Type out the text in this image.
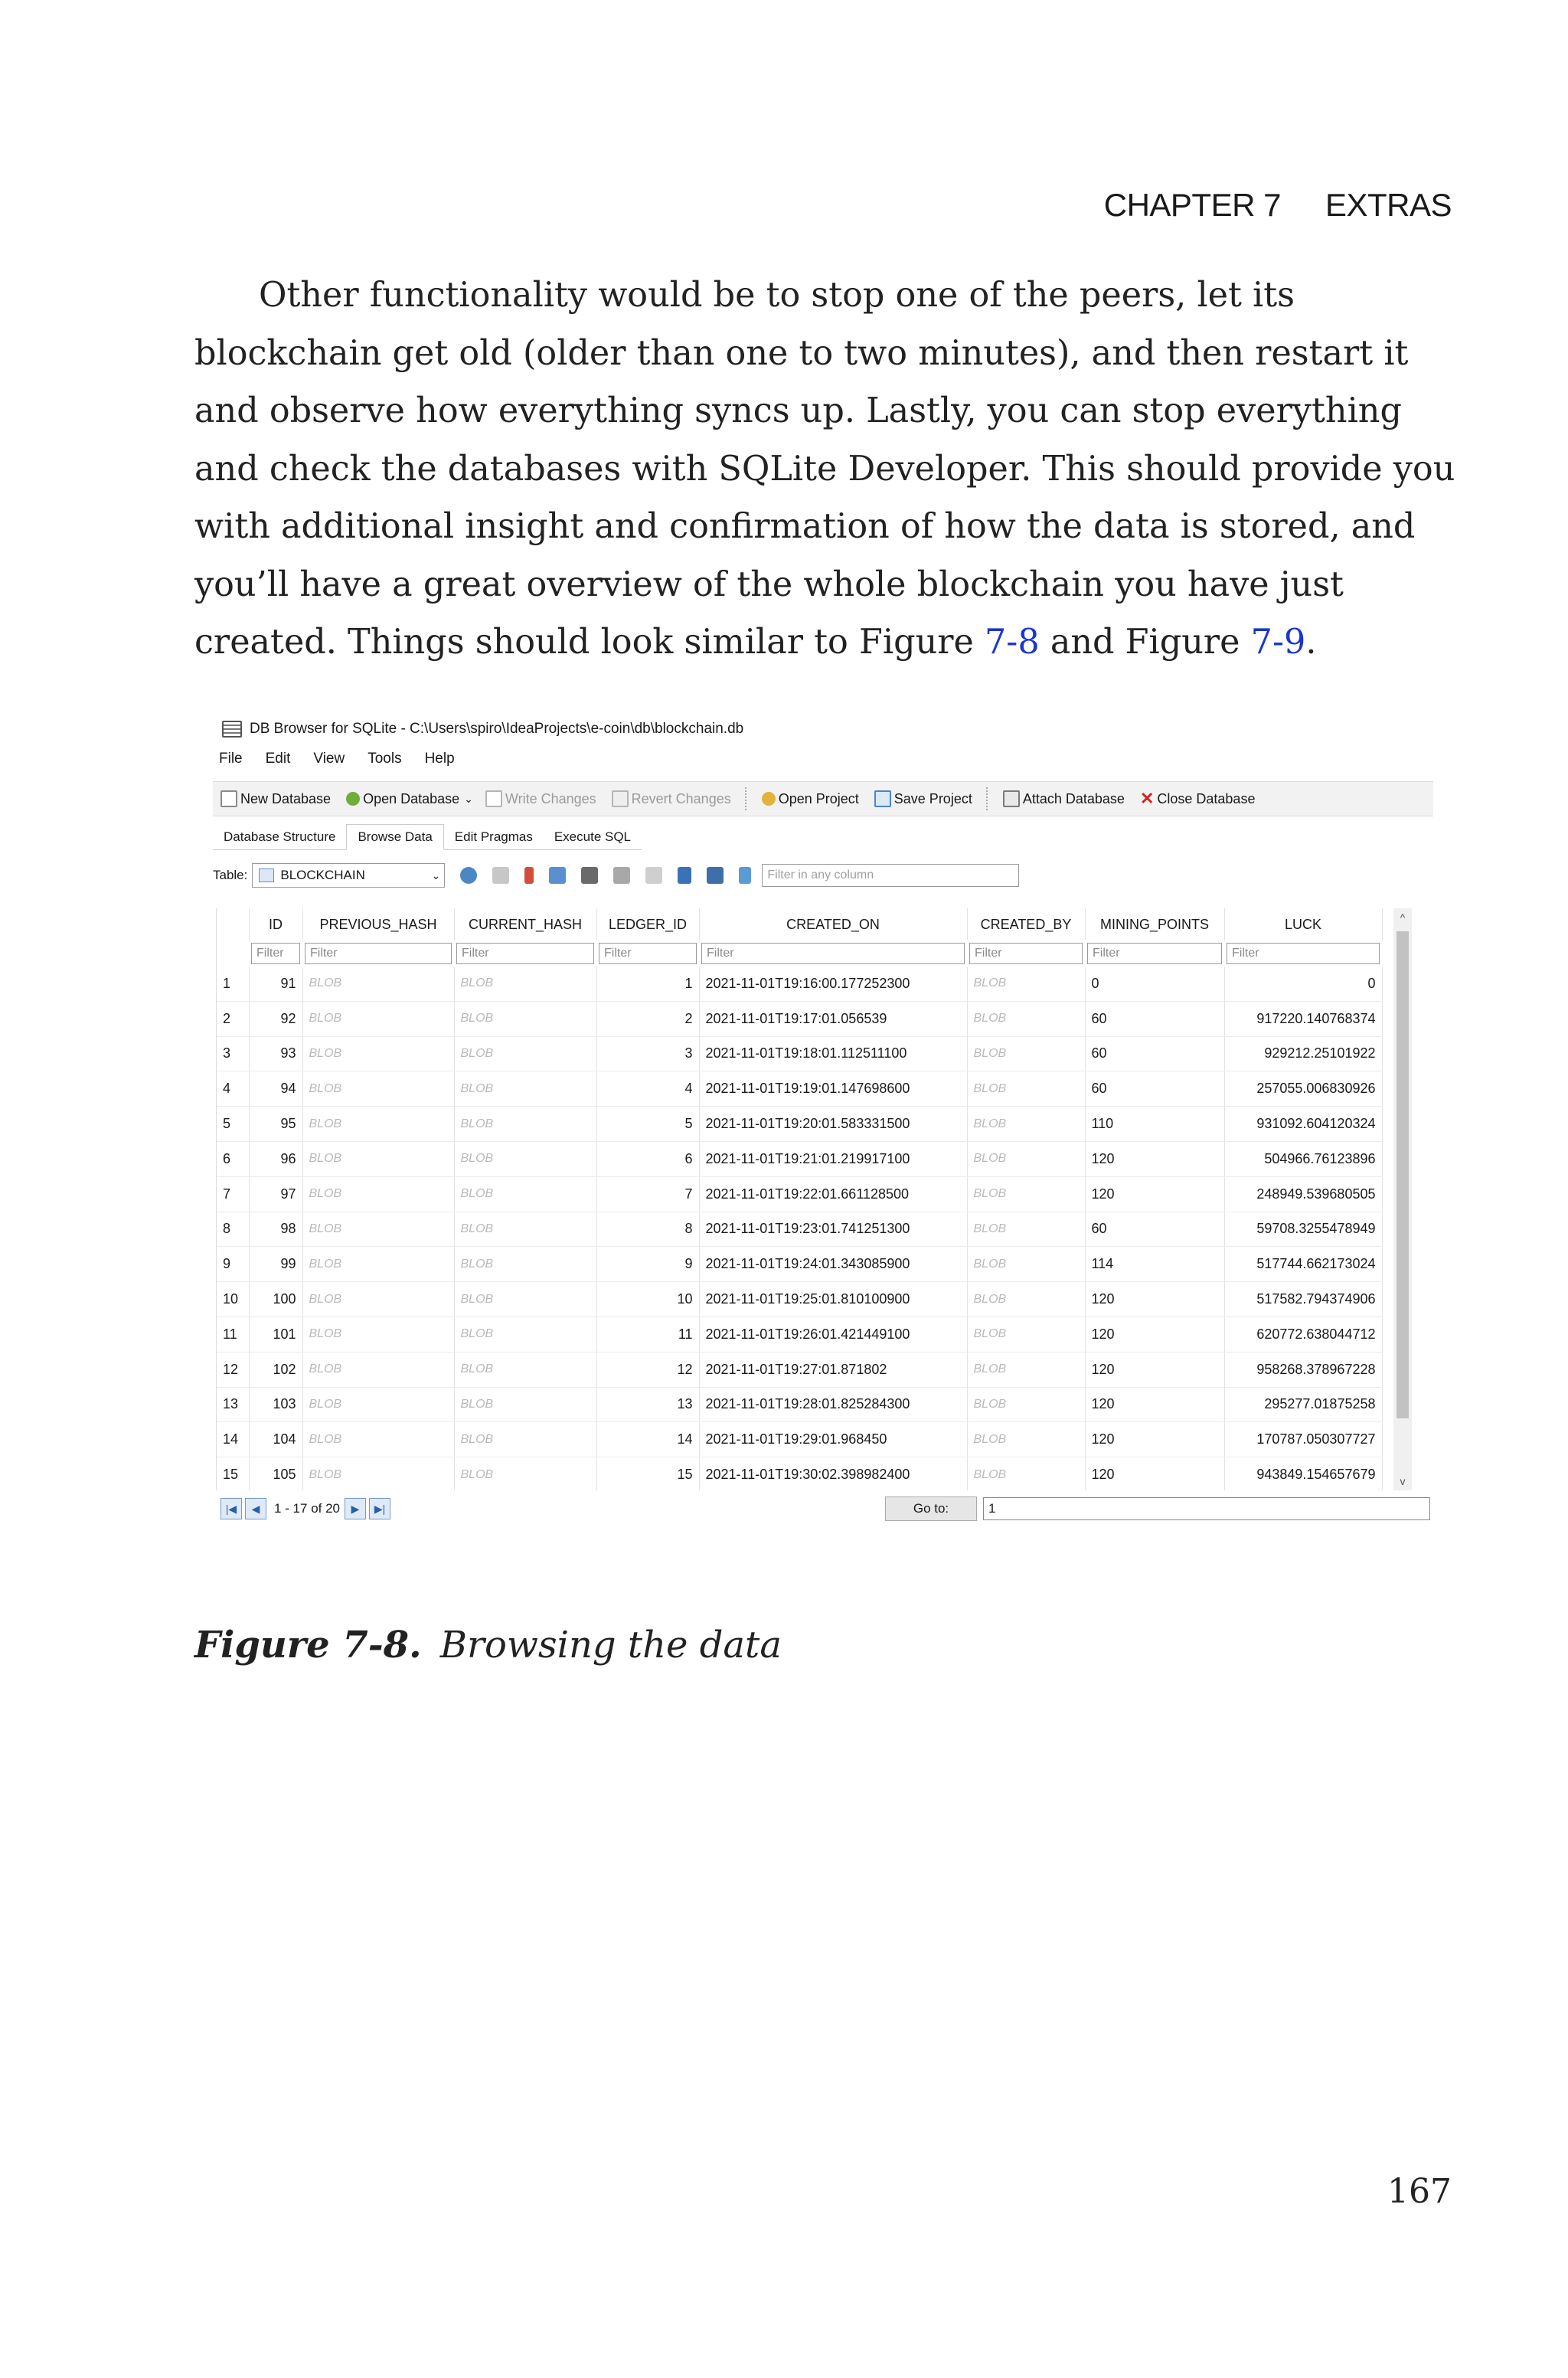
CHAPTER 7 EXTRAS

Other functionality would be to stop one of the peers, let its blockchain get old (older than one to two minutes), and then restart it and observe how everything syncs up. Lastly, you can stop everything and check the databases with SQLite Developer. This should provide you with additional insight and confirmation of how the data is stored, and you’ll have a great overview of the whole blockchain you have just created. Things should look similar to Figure 7-8 and Figure 7-9.

DB Browser for SQLite - C:\Users\spiro\IdeaProjects\e-coin\db\blockchain.db
File Edit View Tools Help
New Database Open Database ⌄ Write Changes	Revert Changes	Open Project	Save Project	Attach Database ✕ Close Database
Database Structure	Browse Data	Edit Pragmas	Execute SQL
Table:	BLOCKCHAIN	⌄	Filter in any column
	ID	PREVIOUS_HASH	CURRENT_HASH	LEDGER_ID	CREATED_ON	CREATED_BY	MINING_POINTS	LUCK

	Filter	Filter	Filter	Filter	Filter	Filter	Filter	Filter

1	91	BLOB	BLOB	1	2021-11-01T19:16:00.177252300	BLOB	0	0
2	92	BLOB	BLOB	2	2021-11-01T19:17:01.056539	BLOB	60	917220.140768374
3	93	BLOB	BLOB	3	2021-11-01T19:18:01.112511100	BLOB	60	929212.25101922
4	94	BLOB	BLOB	4	2021-11-01T19:19:01.147698600	BLOB	60	257055.006830926
5	95	BLOB	BLOB	5	2021-11-01T19:20:01.583331500	BLOB	110	931092.604120324
6	96	BLOB	BLOB	6	2021-11-01T19:21:01.219917100	BLOB	120	504966.76123896
7	97	BLOB	BLOB	7	2021-11-01T19:22:01.661128500	BLOB	120	248949.539680505
8	98	BLOB	BLOB	8	2021-11-01T19:23:01.741251300	BLOB	60	59708.3255478949
9	99	BLOB	BLOB	9	2021-11-01T19:24:01.343085900	BLOB	114	517744.662173024
10	100	BLOB	BLOB	10	2021-11-01T19:25:01.810100900	BLOB	120	517582.794374906
11	101	BLOB	BLOB	11	2021-11-01T19:26:01.421449100	BLOB	120	620772.638044712
12	102	BLOB	BLOB	12	2021-11-01T19:27:01.871802	BLOB	120	958268.378967228
13	103	BLOB	BLOB	13	2021-11-01T19:28:01.825284300	BLOB	120	295277.01875258
14	104	BLOB	BLOB	14	2021-11-01T19:29:01.968450	BLOB	120	170787.050307727
15	105	BLOB	BLOB	15	2021-11-01T19:30:02.398982400	BLOB	120	943849.154657679

^
v
|◀	◀	1 - 17 of 20	▶	▶|	Go to:	1
Figure 7-8. Browsing the data
167
